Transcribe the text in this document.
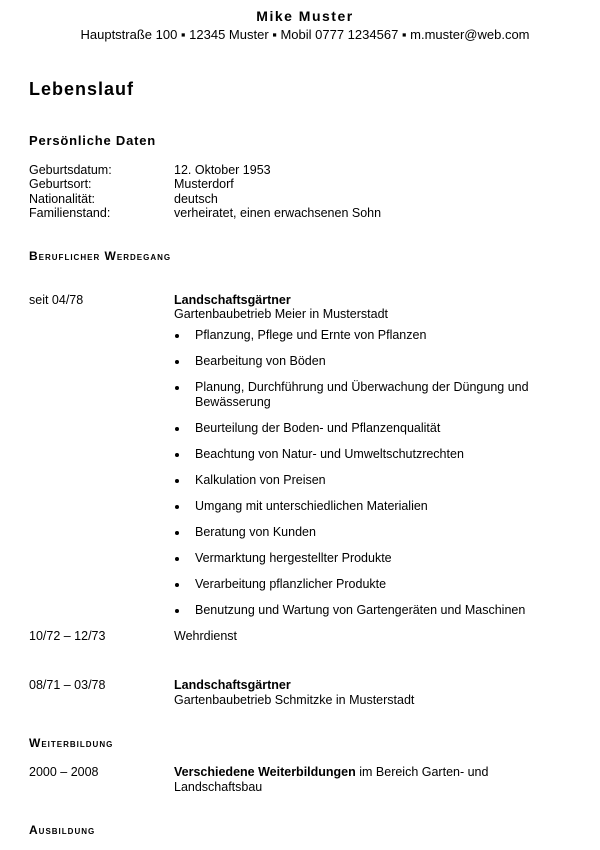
Mike Muster
Hauptstraße 100 ▪ 12345 Muster ▪ Mobil 0777 1234567 ▪ m.muster@web.com
Lebenslauf
Persönliche Daten
Geburtsdatum:	12. Oktober 1953
Geburtsort:	Musterdorf
Nationalität:	deutsch
Familienstand:	verheiratet, einen erwachsenen Sohn
Beruflicher Werdegang
seit 04/78	Landschaftsgärtner
Gartenbaubetrieb Meier in Musterstadt
Pflanzung, Pflege und Ernte von Pflanzen
Bearbeitung von Böden
Planung, Durchführung und Überwachung der Düngung und Bewässerung
Beurteilung der Boden- und Pflanzenqualität
Beachtung von Natur- und Umweltschutzrechten
Kalkulation von Preisen
Umgang mit unterschiedlichen Materialien
Beratung von Kunden
Vermarktung hergestellter Produkte
Verarbeitung pflanzlicher Produkte
Benutzung und Wartung von Gartengeräten und Maschinen
10/72 – 12/73	Wehrdienst
08/71 – 03/78	Landschaftsgärtner
Gartenbaubetrieb Schmitzke in Musterstadt
Weiterbildung
2000 – 2008	Verschiedene Weiterbildungen im Bereich Garten- und Landschaftsbau
Ausbildung
